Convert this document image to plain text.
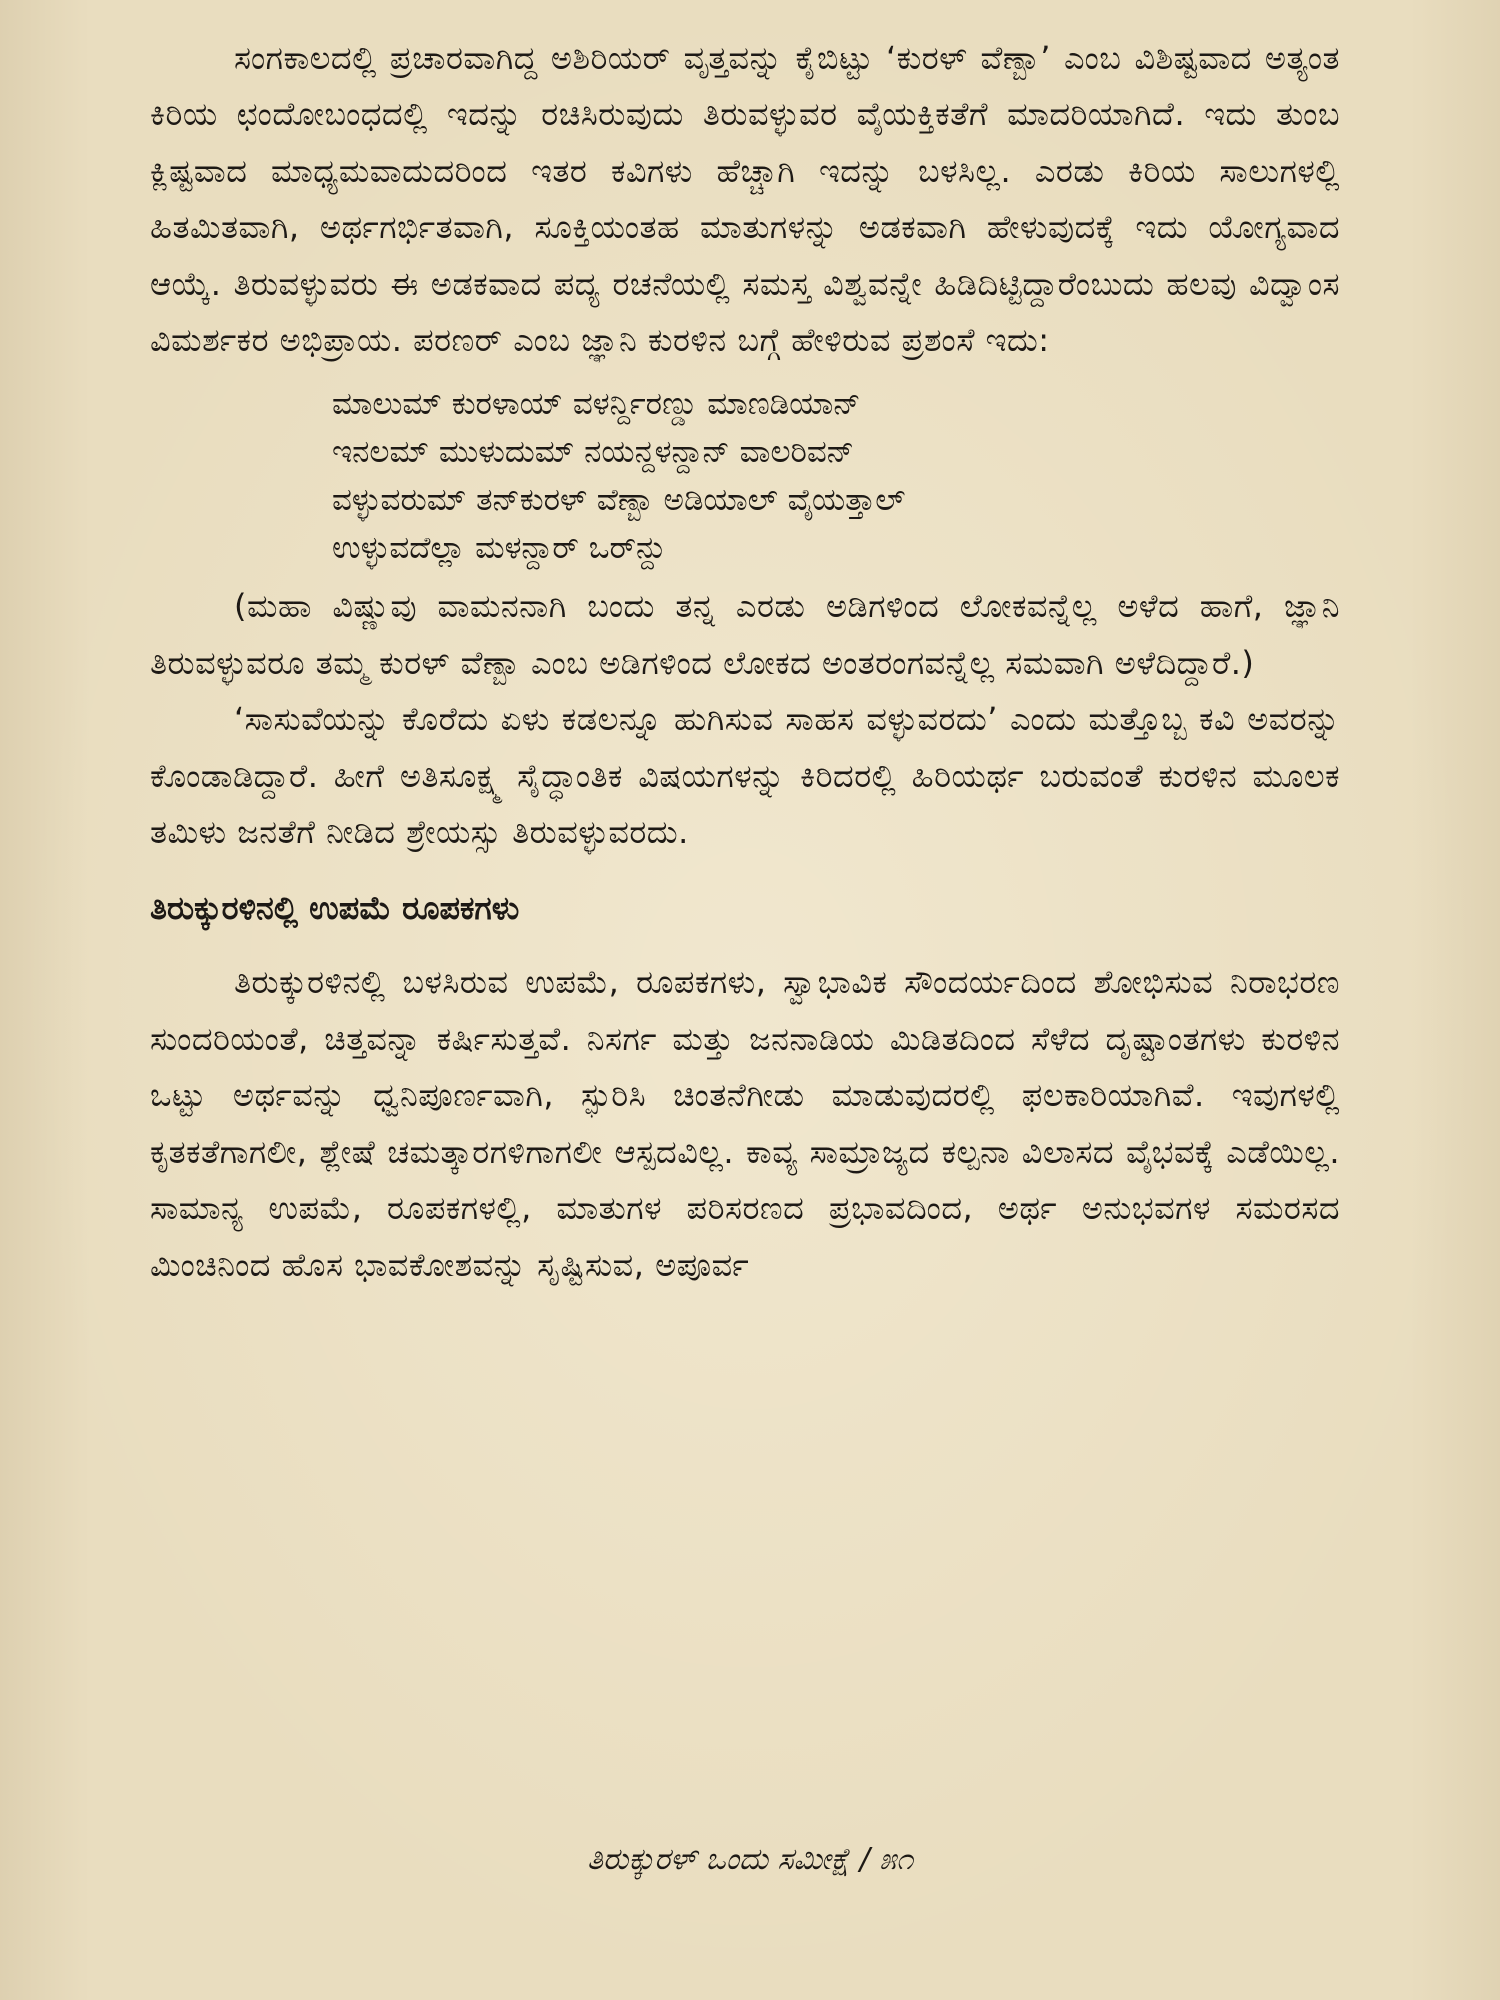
ಸಂಗಕಾಲದಲ್ಲಿ ಪ್ರಚಾರವಾಗಿದ್ದ ಅಶಿರಿಯರ್ ವೃತ್ತವನ್ನು ಕೈಬಿಟ್ಟು ‘ಕುರಳ್ ವೆಣ್ಬಾ’ ಎಂಬ ವಿಶಿಷ್ಟವಾದ ಅತ್ಯಂತ ಕಿರಿಯ ಛಂದೋಬಂಧದಲ್ಲಿ ಇದನ್ನು ರಚಿಸಿರುವುದು ತಿರುವಳ್ಳುವರ ವೈಯಕ್ತಿಕತೆಗೆ ಮಾದರಿಯಾಗಿದೆ. ಇದು ತುಂಬ ಕ್ಲಿಷ್ಟವಾದ ಮಾಧ್ಯಮವಾದುದರಿಂದ ಇತರ ಕವಿಗಳು ಹೆಚ್ಚಾಗಿ ಇದನ್ನು ಬಳಸಿಲ್ಲ. ಎರಡು ಕಿರಿಯ ಸಾಲುಗಳಲ್ಲಿ ಹಿತಮಿತವಾಗಿ, ಅರ್ಥಗರ್ಭಿತವಾಗಿ, ಸೂಕ್ತಿಯಂತಹ ಮಾತುಗಳನ್ನು ಅಡಕವಾಗಿ ಹೇಳುವುದಕ್ಕೆ ಇದು ಯೋಗ್ಯವಾದ ಆಯ್ಕೆ. ತಿರುವಳ್ಳುವರು ಈ ಅಡಕವಾದ ಪದ್ಯ ರಚನೆಯಲ್ಲಿ ಸಮಸ್ತ ವಿಶ್ವವನ್ನೇ ಹಿಡಿದಿಟ್ಟಿದ್ದಾರೆಂಬುದು ಹಲವು ವಿದ್ವಾಂಸ ವಿಮರ್ಶಕರ ಅಭಿಪ್ರಾಯ. ಪರಣರ್ ಎಂಬ ಜ್ಞಾನಿ ಕುರಳಿನ ಬಗ್ಗೆ ಹೇಳಿರುವ ಪ್ರಶಂಸೆ ಇದು:

ಮಾಲುಮ್ ಕುರಳಾಯ್ ವಳರ್ನ್ದಿರಣ್ಡು ಮಾಣಡಿಯಾನ್
ಇನಲಮ್ ಮುಳುದುಮ್ ನಯನ್ದಳನ್ದಾನ್ ವಾಲರಿವನ್
ವಳ್ಳುವರುಮ್ ತನ್‌ಕುರಳ್ ವೆಣ್ಬಾ ಅಡಿಯಾಲ್ ವೈಯತ್ತಾಲ್
ಉಳ್ಳುವದೆಲ್ಲಾ ಮಳನ್ದಾರ್ ಒರ್‌ನ್ದು

(ಮಹಾ ವಿಷ್ಣುವು ವಾಮನನಾಗಿ ಬಂದು ತನ್ನ ಎರಡು ಅಡಿಗಳಿಂದ ಲೋಕವನ್ನೆಲ್ಲ ಅಳೆದ ಹಾಗೆ, ಜ್ಞಾನಿ ತಿರುವಳ್ಳುವರೂ ತಮ್ಮ ಕುರಳ್ ವೆಣ್ಬಾ ಎಂಬ ಅಡಿಗಳಿಂದ ಲೋಕದ ಅಂತರಂಗವನ್ನೆಲ್ಲ ಸಮವಾಗಿ ಅಳೆದಿದ್ದಾರೆ.)

‘ಸಾಸುವೆಯನ್ನು ಕೊರೆದು ಏಳು ಕಡಲನ್ನೂ ಹುಗಿಸುವ ಸಾಹಸ ವಳ್ಳುವರದು’ ಎಂದು ಮತ್ತೊಬ್ಬ ಕವಿ ಅವರನ್ನು ಕೊಂಡಾಡಿದ್ದಾರೆ. ಹೀಗೆ ಅತಿಸೂಕ್ಷ್ಮ ಸೈದ್ಧಾಂತಿಕ ವಿಷಯಗಳನ್ನು ಕಿರಿದರಲ್ಲಿ ಹಿರಿಯರ್ಥ ಬರುವಂತೆ ಕುರಳಿನ ಮೂಲಕ ತಮಿಳು ಜನತೆಗೆ ನೀಡಿದ ಶ್ರೇಯಸ್ಸು ತಿರುವಳ್ಳುವರದು.

ತಿರುಕ್ಕುರಳಿನಲ್ಲಿ ಉಪಮೆ ರೂಪಕಗಳು

ತಿರುಕ್ಕುರಳಿನಲ್ಲಿ ಬಳಸಿರುವ ಉಪಮೆ, ರೂಪಕಗಳು, ಸ್ವಾಭಾವಿಕ ಸೌಂದರ್ಯದಿಂದ ಶೋಭಿಸುವ ನಿರಾಭರಣ ಸುಂದರಿಯಂತೆ, ಚಿತ್ತವನ್ನಾ ಕರ್ಷಿಸುತ್ತವೆ. ನಿಸರ್ಗ ಮತ್ತು ಜನನಾಡಿಯ ಮಿಡಿತದಿಂದ ಸೆಳೆದ ದೃಷ್ಟಾಂತಗಳು ಕುರಳಿನ ಒಟ್ಟು ಅರ್ಥವನ್ನು ಧ್ವನಿಪೂರ್ಣವಾಗಿ, ಸ್ಫುರಿಸಿ ಚಿಂತನೆಗೀಡು ಮಾಡುವುದರಲ್ಲಿ ಫಲಕಾರಿಯಾಗಿವೆ. ಇವುಗಳಲ್ಲಿ ಕೃತಕತೆಗಾಗಲೀ, ಶ್ಲೇಷೆ ಚಮತ್ಕಾರಗಳಿಗಾಗಲೀ ಆಸ್ಪದವಿಲ್ಲ. ಕಾವ್ಯ ಸಾಮ್ರಾಜ್ಯದ ಕಲ್ಪನಾ ವಿಲಾಸದ ವೈಭವಕ್ಕೆ ಎಡೆಯಿಲ್ಲ. ಸಾಮಾನ್ಯ ಉಪಮೆ, ರೂಪಕಗಳಲ್ಲಿ, ಮಾತುಗಳ ಪರಿಸರಣದ ಪ್ರಭಾವದಿಂದ, ಅರ್ಥ ಅನುಭವಗಳ ಸಮರಸದ ಮಿಂಚಿನಿಂದ ಹೊಸ ಭಾವಕೋಶವನ್ನು ಸೃಷ್ಟಿಸುವ, ಅಪೂರ್ವ

ತಿರುಕ್ಕುರಳ್ ಒಂದು ಸಮೀಕ್ಷೆ / ೫೧
